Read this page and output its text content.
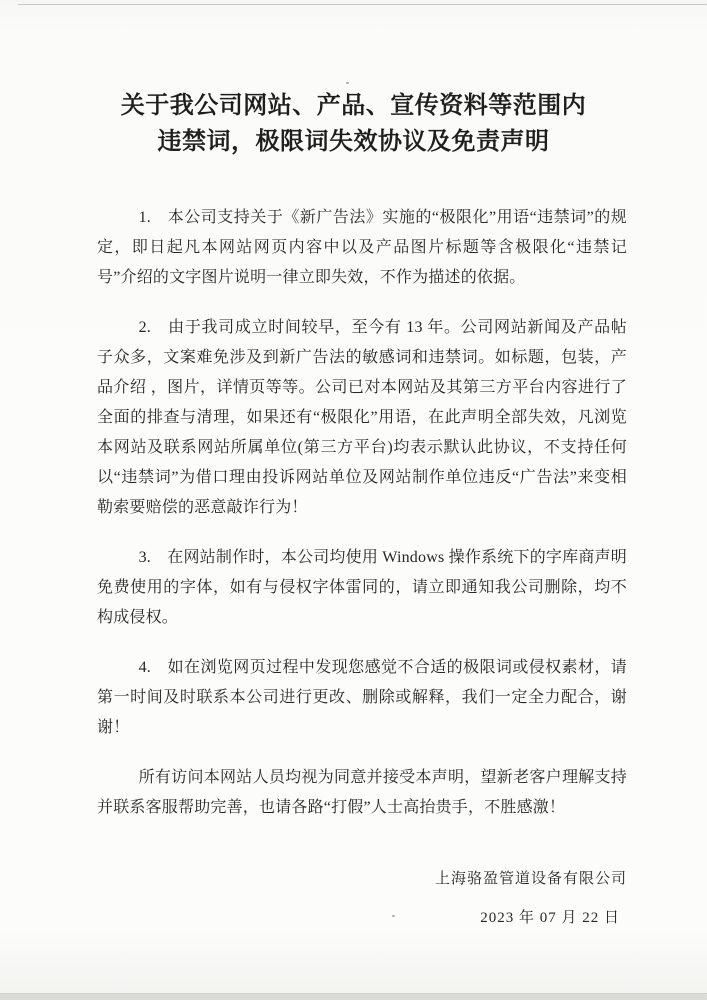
关于我公司网站、产品、宣传资料等范围内
违禁词，极限词失效协议及免责声明

1.　本公司支持关于《新广告法》实施的“极限化”用语“违禁词”的规定，即日起凡本网站网页内容中以及产品图片标题等含极限化“违禁记号”介绍的文字图片说明一律立即失效，不作为描述的依据。

2.　由于我司成立时间较早，至今有 13 年。公司网站新闻及产品帖子众多，文案难免涉及到新广告法的敏感词和违禁词。如标题，包装，产品介绍 ，图片，详情页等等。公司已对本网站及其第三方平台内容进行了全面的排查与清理，如果还有“极限化”用语，在此声明全部失效，凡浏览本网站及联系网站所属单位(第三方平台)均表示默认此协议，不支持任何以“违禁词”为借口理由投诉网站单位及网站制作单位违反“广告法”来变相勒索要赔偿的恶意敲诈行为！

3.　在网站制作时，本公司均使用 Windows 操作系统下的字库商声明免费使用的字体，如有与侵权字体雷同的，请立即通知我公司删除，均不构成侵权。

4.　如在浏览网页过程中发现您感觉不合适的极限词或侵权素材，请第一时间及时联系本公司进行更改、删除或解释，我们一定全力配合，谢谢！

所有访问本网站人员均视为同意并接受本声明，望新老客户理解支持并联系客服帮助完善，也请各路“打假”人士高抬贵手，不胜感激！

上海骆盈管道设备有限公司
2023 年 07 月 22 日
